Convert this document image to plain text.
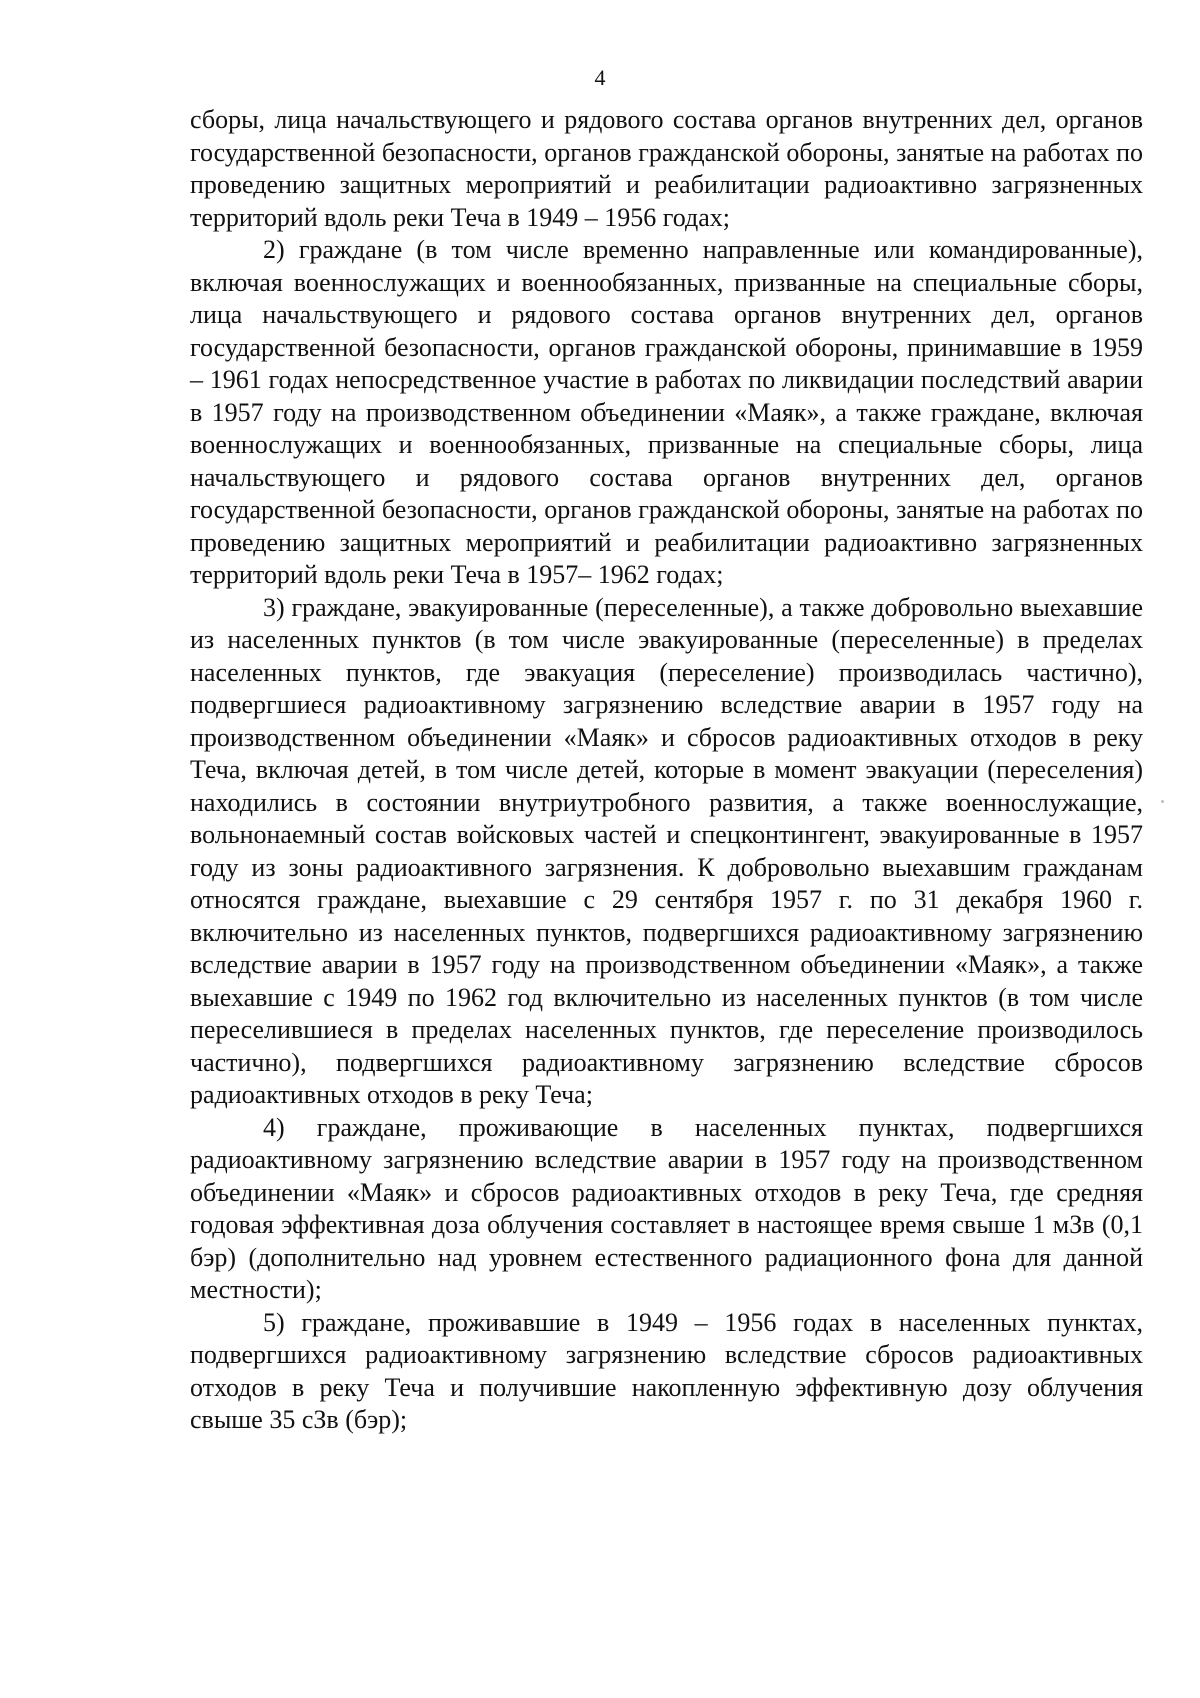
4

сборы, лица начальствующего и рядового состава органов внутренних дел, органов государственной безопасности, органов гражданской обороны, занятые на работах по проведению защитных мероприятий и реабилитации радиоактивно загрязненных территорий вдоль реки Теча в 1949 – 1956 годах;

2) граждане (в том числе временно направленные или командированные), включая военнослужащих и военнообязанных, призванные на специальные сборы, лица начальствующего и рядового состава органов внутренних дел, органов государственной безопасности, органов гражданской обороны, принимавшие в 1959 – 1961 годах непосредственное участие в работах по ликвидации последствий аварии в 1957 году на производственном объединении «Маяк», а также граждане, включая военнослужащих и военнообязанных, призванные на специальные сборы, лица начальствующего и рядового состава органов внутренних дел, органов государственной безопасности, органов гражданской обороны, занятые на работах по проведению защитных мероприятий и реабилитации радиоактивно загрязненных территорий вдоль реки Теча в 1957– 1962 годах;

3) граждане, эвакуированные (переселенные), а также добровольно выехавшие из населенных пунктов (в том числе эвакуированные (переселенные) в пределах населенных пунктов, где эвакуация (переселение) производилась частично), подвергшиеся радиоактивному загрязнению вследствие аварии в 1957 году на производственном объединении «Маяк» и сбросов радиоактивных отходов в реку Теча, включая детей, в том числе детей, которые в момент эвакуации (переселения) находились в состоянии внутриутробного развития, а также военнослужащие, вольнонаемный состав войсковых частей и спецконтингент, эвакуированные в 1957 году из зоны радиоактивного загрязнения. К добровольно выехавшим гражданам относятся граждане, выехавшие с 29 сентября 1957 г. по 31 декабря 1960 г. включительно из населенных пунктов, подвергшихся радиоактивному загрязнению вследствие аварии в 1957 году на производственном объединении «Маяк», а также выехавшие с 1949 по 1962 год включительно из населенных пунктов (в том числе переселившиеся в пределах населенных пунктов, где переселение производилось частично), подвергшихся радиоактивному загрязнению вследствие сбросов радиоактивных отходов в реку Теча;

4) граждане, проживающие в населенных пунктах, подвергшихся радиоактивному загрязнению вследствие аварии в 1957 году на производственном объединении «Маяк» и сбросов радиоактивных отходов в реку Теча, где средняя годовая эффективная доза облучения составляет в настоящее время свыше 1 мЗв (0,1 бэр) (дополнительно над уровнем естественного радиационного фона для данной местности);

5) граждане, проживавшие в 1949 – 1956 годах в населенных пунктах, подвергшихся радиоактивному загрязнению вследствие сбросов радиоактивных отходов в реку Теча и получившие накопленную эффективную дозу облучения свыше 35 сЗв (бэр);
